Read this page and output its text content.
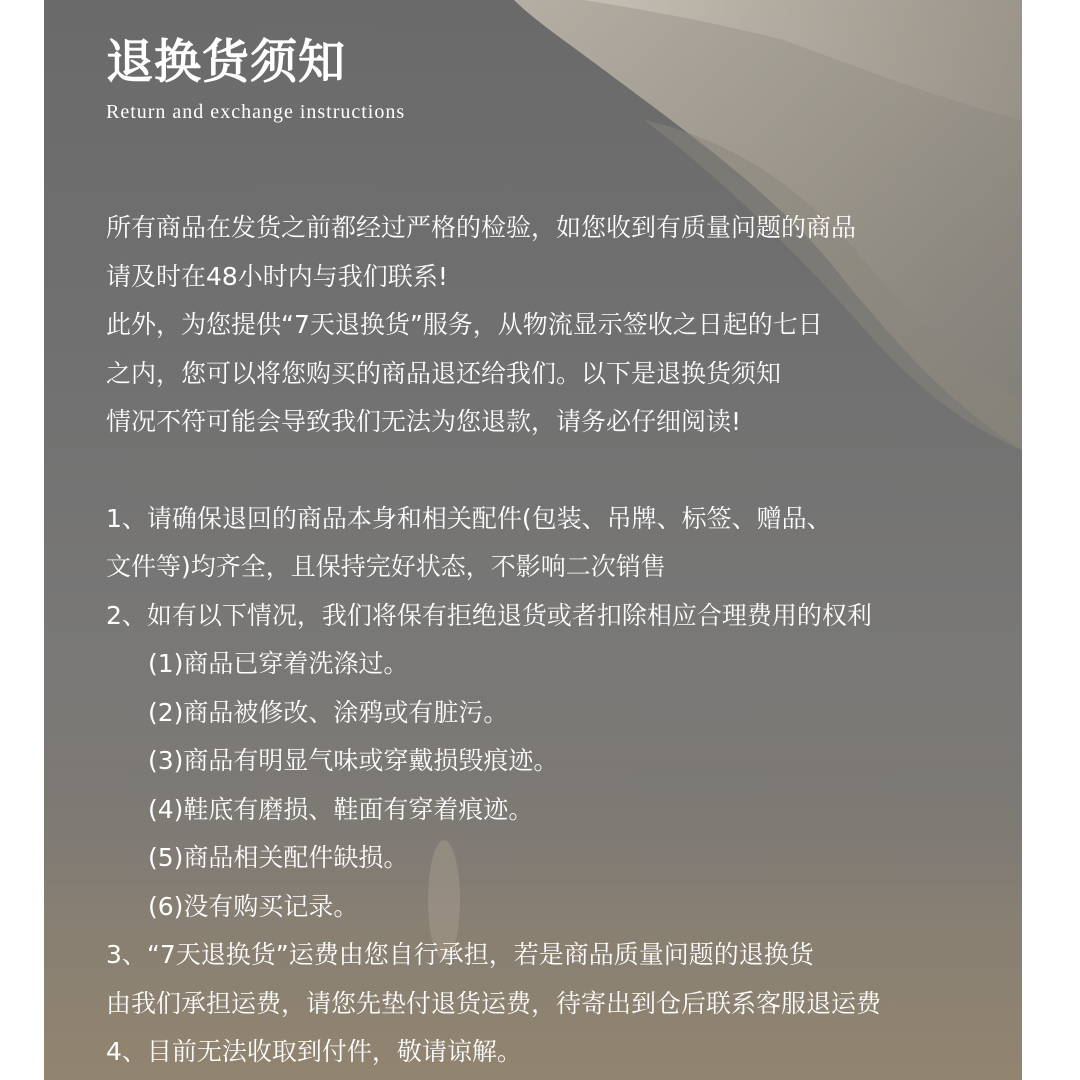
退换货须知
Return and exchange instructions
所有商品在发货之前都经过严格的检验，如您收到有质量问题的商品
请及时在48小时内与我们联系!
此外，为您提供“7天退换货”服务，从物流显示签收之日起的七日
之内，您可以将您购买的商品退还给我们。以下是退换货须知
情况不符可能会导致我们无法为您退款，请务必仔细阅读!
1、请确保退回的商品本身和相关配件(包装、吊牌、标签、赠品、
文件等)均齐全，且保持完好状态，不影响二次销售
2、如有以下情况，我们将保有拒绝退货或者扣除相应合理费用的权利
(1)商品已穿着洗涤过。
(2)商品被修改、涂鸦或有脏污。
(3)商品有明显气味或穿戴损毁痕迹。
(4)鞋底有磨损、鞋面有穿着痕迹。
(5)商品相关配件缺损。
(6)没有购买记录。
3、“7天退换货”运费由您自行承担，若是商品质量问题的退换货
由我们承担运费，请您先垫付退货运费，待寄出到仓后联系客服退运费
4、目前无法收取到付件，敬请谅解。
